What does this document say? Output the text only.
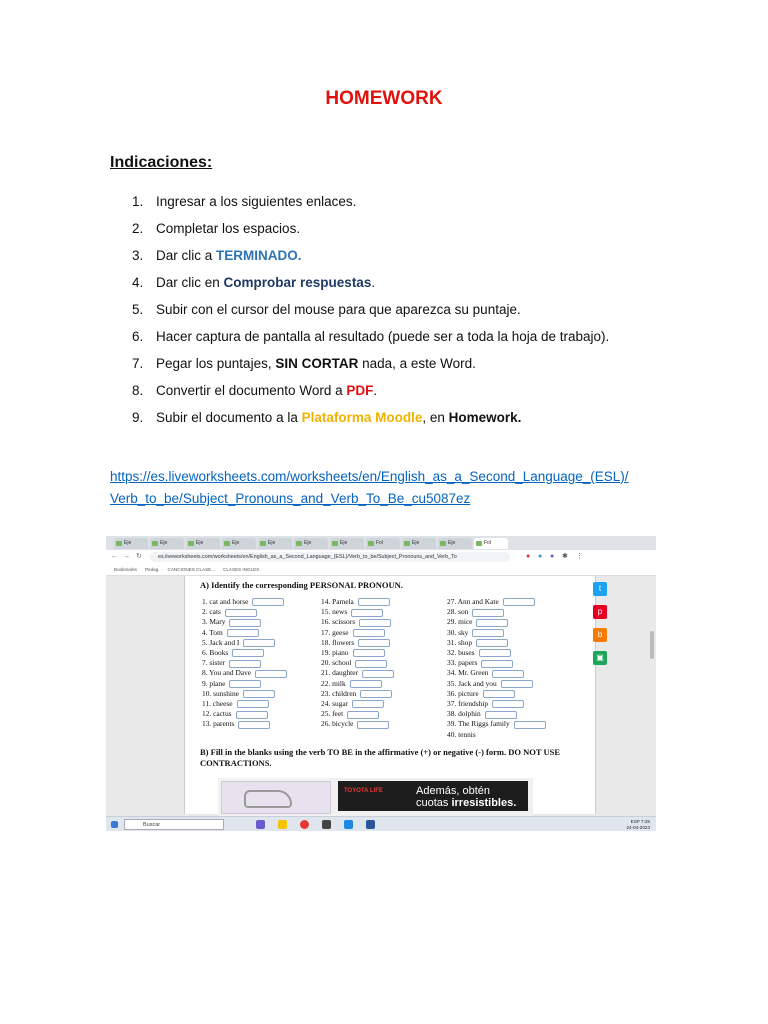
HOMEWORK
Indicaciones:
1. Ingresar a los siguientes enlaces.
2. Completar los espacios.
3. Dar clic a TERMINADO.
4. Dar clic en Comprobar respuestas.
5. Subir con el cursor del mouse para que aparezca su puntaje.
6. Hacer captura de pantalla al resultado (puede ser a toda la hoja de trabajo).
7. Pegar los puntajes, SIN CORTAR nada, a este Word.
8. Convertir el documento Word a PDF.
9. Subir el documento a la Plataforma Moodle, en Homework.
https://es.liveworksheets.com/worksheets/en/English_as_a_Second_Language_(ESL)/
Verb_to_be/Subject_Pronouns_and_Verb_To_Be_cu5087ez
Eje	Eje	Eje	Eje	Eje	Eje	Eje	Fol	Eje	Eje	Fol
← → ↻	es.liveworksheets.com/worksheets/en/English_as_a_Second_Language_(ESL)/Verb_to_be/Subject_Pronouns_and_Verb_To	● ● ● ✱ ⋮
Bookmarks Pedag. CANCIONES CLASE... CLASES INGLES
A) Identify the corresponding PERSONAL PRONOUN.
1. cat and horse
2. cats
3. Mary
4. Tom
5. Jack and I
6. Books
7. sister
8. You and Dave
9. plane
10. sunshine
11. cheese
12. cactus
13. parents
14. Pamela
15. news
16. scissors
17. geese
18. flowers
19. piano
20. school
21. daughter
22. milk
23. children
24. sugar
25. feet
26. bicycle
27. Ann and Kate
28. son
29. mice
30. sky
31. shop
32. buses
33. papers
34. Mr. Green
35. Jack and you
36. picture
37. friendship
38. dolphin
39. The Riggs family
40. tennis
B) Fill in the blanks using the verb TO BE in the affirmative (+) or negative (-) form. DO NOT USE CONTRACTIONS.
t
p
b
▣
TOYOTA LIFE	Además, obtén
cuotas irresistibles.
Buscar
ESP 7:25
24-04-2023
